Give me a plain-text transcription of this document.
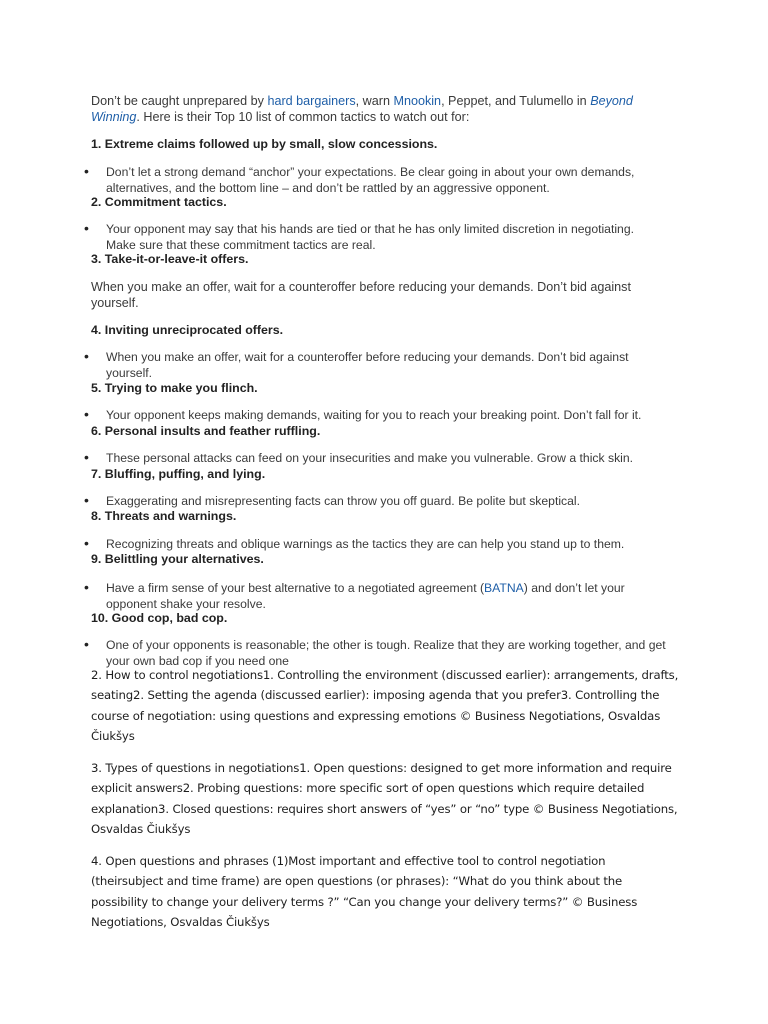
Don’t be caught unprepared by hard bargainers, warn Mnookin, Peppet, and Tulumello in Beyond Winning. Here is their Top 10 list of common tactics to watch out for:
1. Extreme claims followed up by small, slow concessions.
• Don’t let a strong demand “anchor” your expectations. Be clear going in about your own demands, alternatives, and the bottom line – and don’t be rattled by an aggressive opponent.
2. Commitment tactics.
• Your opponent may say that his hands are tied or that he has only limited discretion in negotiating. Make sure that these commitment tactics are real.
3. Take-it-or-leave-it offers.
When you make an offer, wait for a counteroffer before reducing your demands. Don’t bid against yourself.
4. Inviting unreciprocated offers.
• When you make an offer, wait for a counteroffer before reducing your demands. Don’t bid against yourself.
5. Trying to make you flinch.
• Your opponent keeps making demands, waiting for you to reach your breaking point. Don’t fall for it.
6. Personal insults and feather ruffling.
• These personal attacks can feed on your insecurities and make you vulnerable. Grow a thick skin.
7. Bluffing, puffing, and lying.
• Exaggerating and misrepresenting facts can throw you off guard. Be polite but skeptical.
8. Threats and warnings.
• Recognizing threats and oblique warnings as the tactics they are can help you stand up to them.
9. Belittling your alternatives.
• Have a firm sense of your best alternative to a negotiated agreement (BATNA) and don’t let your opponent shake your resolve.
10. Good cop, bad cop.
• One of your opponents is reasonable; the other is tough. Realize that they are working together, and get your own bad cop if you need one
2. How to control negotiations1. Controlling the environment (discussed earlier): arrangements, drafts, seating2. Setting the agenda (discussed earlier): imposing agenda that you prefer3. Controlling the course of negotiation: using questions and expressing emotions © Business Negotiations, Osvaldas Čiukšys
3. Types of questions in negotiations1. Open questions: designed to get more information and require explicit answers2. Probing questions: more specific sort of open questions which require detailed explanation3. Closed questions: requires short answers of “yes” or “no” type © Business Negotiations, Osvaldas Čiukšys
4. Open questions and phrases (1)Most important and effective tool to control negotiation (theirsubject and time frame) are open questions (or phrases): “What do you think about the possibility to change your delivery terms ?” “Can you change your delivery terms?” © Business Negotiations, Osvaldas Čiukšys
